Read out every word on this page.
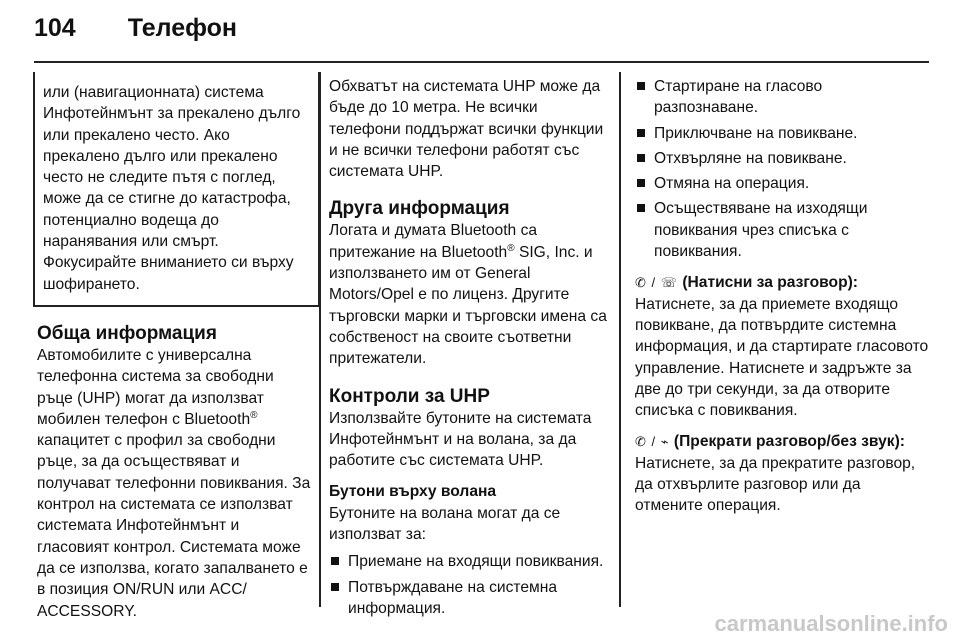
104 Телефон

или (навигационната) система Инфотейнмънт за прекалено дълго или прекалено често. Ако прекалено дълго или прекалено често не следите пътя с поглед, може да се стигне до катастрофа, потенциално водеща до наранявания или смърт. Фокусирайте вниманието си върху шофирането.

Обща информация

Автомобилите с универсална телефонна система за свободни ръце (UHP) могат да използват мобилен телефон с Bluetooth® капацитет с профил за свободни ръце, за да осъществяват и получават телефонни повиквания. За контрол на системата се използват системата Инфотейнмънт и гласовият контрол. Системата може да се използва, когато запалването е в позиция ON/RUN или ACC/ ACCESSORY.

Обхватът на системата UHP може да бъде до 10 метра. Не всички телефони поддържат всички функции и не всички телефони работят със системата UHP.

Друга информация

Логата и думата Bluetooth са притежание на Bluetooth® SIG, Inc. и използването им от General Motors/Opel е по лиценз. Другите търговски марки и търговски имена са собственост на своите съответни притежатели.

Контроли за UHP

Използвайте бутоните на системата Инфотейнмънт и на волана, за да работите със системата UHP.

Бутони върху волана

Бутоните на волана могат да се използват за:

Приемане на входящи повиквания.
Потвърждаване на системна информация.
Стартиране на гласово разпознаване.
Приключване на повикване.
Отхвърляне на повикване.
Отмяна на операция.
Осъществяване на изходящи повиквания чрез списъка с повиквания.

✆ / ☏ (Натисни за разговор):
Натиснете, за да приемете входящо повикване, да потвърдите системна информация, и да стартирате гласовото управление. Натиснете и задръжте за две до три секунди, за да отворите списъка с повиквания.

✆ / ⌁ (Прекрати разговор/без звук): Натиснете, за да прекратите разговор, да отхвърлите разговор или да отмените операция.

carmanualsonline.info
